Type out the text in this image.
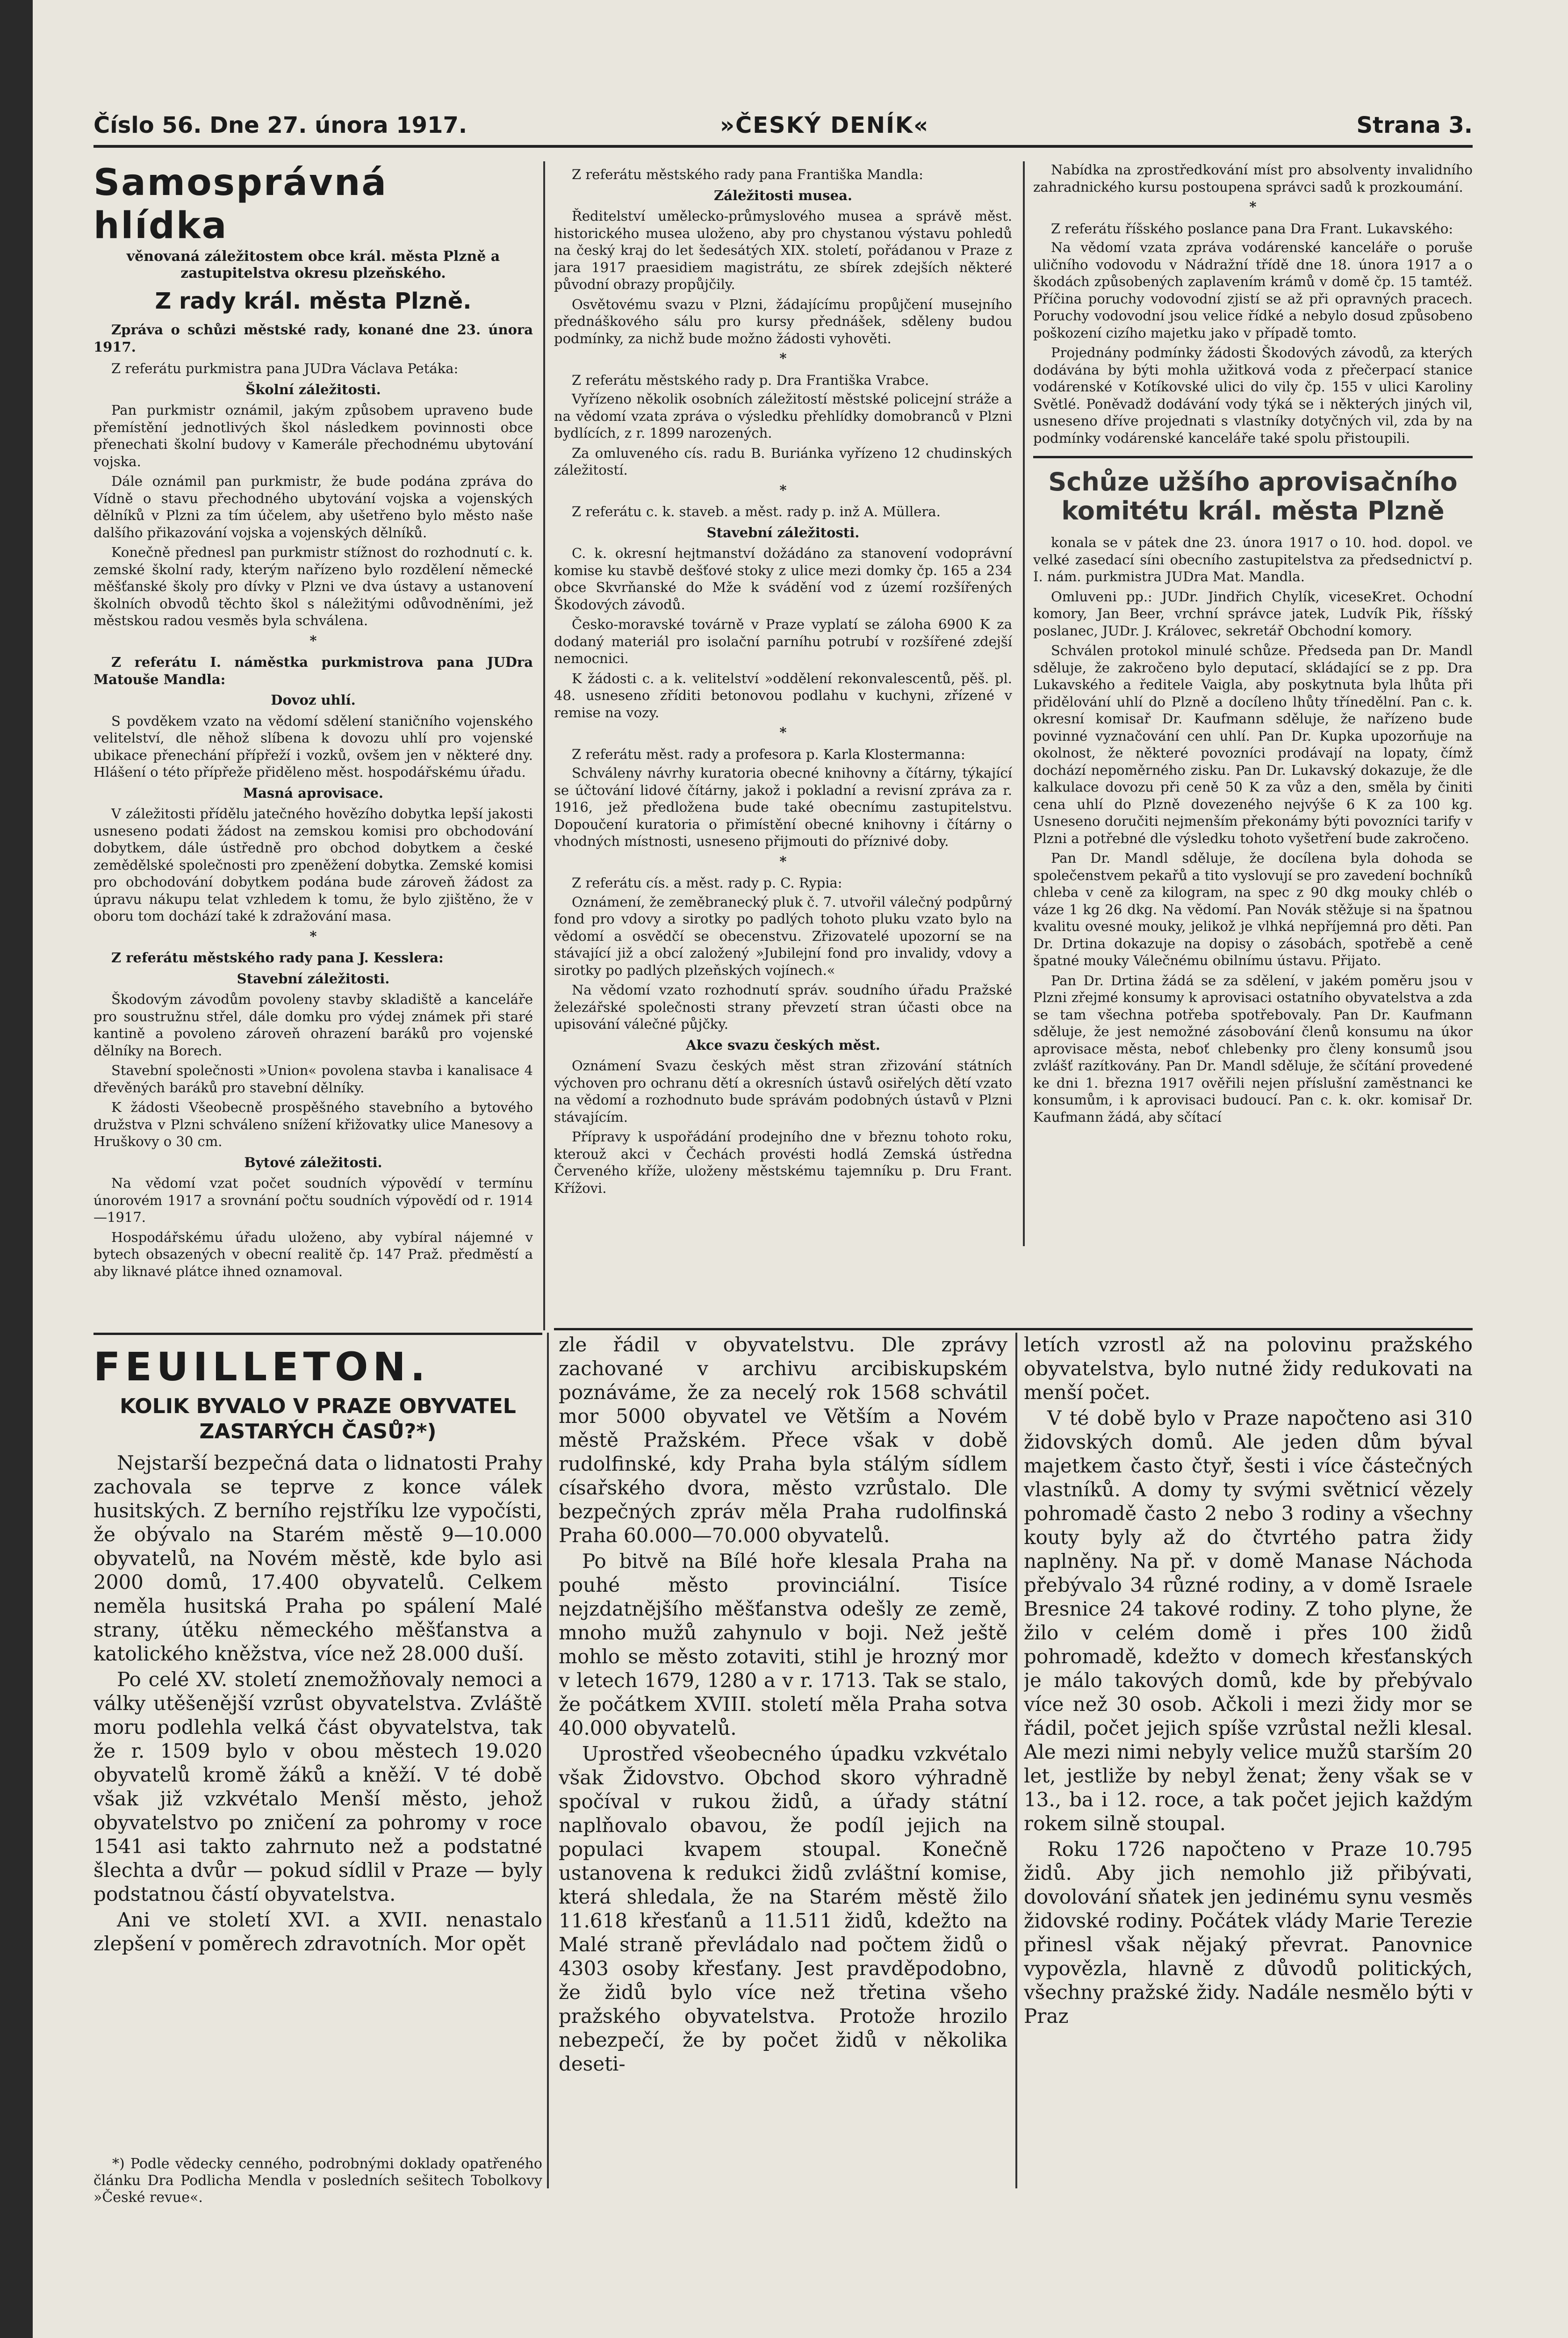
Číslo 56. Dne 27. února 1917.	»ČESKÝ DENÍK«	Strana 3.
Samosprávná hlídka
věnovaná záležitostem obce král. města Plzně a zastupitelstva okresu plzeňského.
Z rady král. města Plzně.
Zpráva o schůzi městské rady, konané dne 23. února 1917.
Z referátu purkmistra pana JUDra Václava Petáka:
Školní záležitosti.

Pan purkmistr oznámil, jakým způsobem upraveno bude přemístění jednotlivých škol následkem povinnosti obce přenechati školní budovy v Kamerále přechodnému ubytování vojska.

Dále oznámil pan purkmistr, že bude podána zpráva do Vídně o stavu přechodného ubytování vojska a vojenských dělníků v Plzni za tím účelem, aby ušetřeno bylo město naše dalšího přikazování vojska a vojenských dělníků.

Konečně přednesl pan purkmistr stížnost do rozhodnutí c. k. zemské školní rady, kterým nařízeno bylo rozdělení německé měšťanské školy pro dívky v Plzni ve dva ústavy a ustanovení školních obvodů těchto škol s náležitými odůvodněními, jež městskou radou vesměs byla schválena.

*
Z referátu I. náměstka purkmistrova pana JUDra Matouše Mandla:
Dovoz uhlí.

S povděkem vzato na vědomí sdělení staničního vojenského velitelství, dle něhož slíbena k dovozu uhlí pro vojenské ubikace přenechání přípřeží i vozků, ovšem jen v některé dny. Hlášení o této přípřeže přiděleno měst. hospodářskému úřadu.

Masná aprovisace.

V záležitosti přídělu jatečného hovězího dobytka lepší jakosti usneseno podati žádost na zemskou komisi pro obchodování dobytkem, dále ústředně pro obchod dobytkem a české zemědělské společnosti pro zpeněžení dobytka. Zemské komisi pro obchodování dobytkem podána bude zároveň žádost za úpravu nákupu telat vzhledem k tomu, že bylo zjištěno, že v oboru tom dochází také k zdražování masa.

*
Z referátu městského rady pana J. Kesslera:
Stavební záležitosti.

Škodovým závodům povoleny stavby skladiště a kanceláře pro soustružnu střel, dále domku pro výdej známek při staré kantině a povoleno zároveň ohrazení baráků pro vojenské dělníky na Borech.

Stavební společnosti »Union« povolena stavba i kanalisace 4 dřevěných baráků pro stavební dělníky.

K žádosti Všeobecně prospěšného stavebního a bytového družstva v Plzni schváleno snížení křižovatky ulice Manesovy a Hruškovy o 30 cm.

Bytové záležitosti.

Na vědomí vzat počet soudních výpovědí v termínu únorovém 1917 a srovnání počtu soudních výpovědí od r. 1914—1917.

Hospodářskému úřadu uloženo, aby vybíral nájemné v bytech obsazených v obecní realitě čp. 147 Praž. předměstí a aby liknavé plátce ihned oznamoval.

Z referátu městského rady pana Františka Mandla:
Záležitosti musea.

Ředitelství umělecko-průmyslového musea a správě měst. historického musea uloženo, aby pro chystanou výstavu pohledů na český kraj do let šedesátých XIX. století, pořádanou v Praze z jara 1917 praesidiem magistrátu, ze sbírek zdejších některé původní obrazy propůjčily.

Osvětovému svazu v Plzni, žádajícímu propůjčení musejního přednáškového sálu pro kursy přednášek, sděleny budou podmínky, za nichž bude možno žádosti vyhověti.

*
Z referátu městského rady p. Dra Františka Vrabce.

Vyřízeno několik osobních záležitostí městské policejní stráže a na vědomí vzata zpráva o výsledku přehlídky domobranců v Plzni bydlících, z r. 1899 narozených.

Za omluveného cís. radu B. Buriánka vyřízeno 12 chudinských záležitostí.

*
Z referátu c. k. staveb. a měst. rady p. inž A. Müllera.
Stavební záležitosti.

C. k. okresní hejtmanství dožádáno za stanovení vodoprávní komise ku stavbě dešťové stoky z ulice mezi domky čp. 165 a 234 obce Skvrňanské do Mže k svádění vod z území rozšířených Škodových závodů.

Česko-moravské továrně v Praze vyplatí se záloha 6900 K za dodaný materiál pro isolační parníhu potrubí v rozšířené zdejší nemocnici.

K žádosti c. a k. velitelství »oddělení rekonvalescentů, pěš. pl. 48. usneseno zříditi betonovou podlahu v kuchyni, zřízené v remise na vozy.

*
Z referátu měst. rady a profesora p. Karla Klostermanna:

Schváleny návrhy kuratoria obecné knihovny a čítárny, týkající se účtování lidové čítárny, jakož i pokladní a revisní zpráva za r. 1916, jež předložena bude také obecnímu zastupitelstvu. Dopoučení kuratoria o přimístění obecné knihovny i čítárny o vhodných místnosti, usneseno přijmouti do příznivé doby.

*
Z referátu cís. a měst. rady p. C. Rypia:

Oznámení, že zeměbranecký pluk č. 7. utvořil válečný podpůrný fond pro vdovy a sirotky po padlých tohoto pluku vzato bylo na vědomí a osvědčí se obecenstvu. Zřizovatelé upozorní se na stávající již a obcí založený »Jubilejní fond pro invalidy, vdovy a sirotky po padlých plzeňských vojínech.«

Na vědomí vzato rozhodnutí správ. soudního úřadu Pražské železářské společnosti strany převzetí stran účasti obce na upisování válečné půjčky.

Akce svazu českých měst.

Oznámení Svazu českých měst stran zřizování státních výchoven pro ochranu dětí a okresních ústavů osiřelých dětí vzato na vědomí a rozhodnuto bude správám podobných ústavů v Plzni stávajícím.

Přípravy k uspořádání prodejního dne v březnu tohoto roku, kterouž akci v Čechách provésti hodlá Zemská ústředna Červeného kříže, uloženy městskému tajemníku p. Dru Frant. Křížovi.

Nabídka na zprostředkování míst pro absolventy invalidního zahradnického kursu postoupena správci sadů k prozkoumání.

*
Z referátu říšského poslance pana Dra Frant. Lukavského:

Na vědomí vzata zpráva vodárenské kanceláře o poruše uličního vodovodu v Nádražní třídě dne 18. února 1917 a o škodách způsobených zaplavením krámů v domě čp. 15 tamtéž. Příčina poruchy vodovodní zjistí se až při opravných pracech. Poruchy vodovodní jsou velice řídké a nebylo dosud způsobeno poškození cizího majetku jako v případě tomto.

Projednány podmínky žádosti Škodových závodů, za kterých dodávána by býti mohla užitková voda z přečerpací stanice vodárenské v Kotíkovské ulici do vily čp. 155 v ulici Karoliny Světlé. Poněvadž dodávání vody týká se i některých jiných vil, usneseno dříve projednati s vlastníky dotyčných vil, zda by na podmínky vodárenské kanceláře také spolu přistoupili.

Schůze užšího aprovisačního komitétu král. města Plzně

konala se v pátek dne 23. února 1917 o 10. hod. dopol. ve velké zasedací síni obecního zastupitelstva za předsednictví p. I. nám. purkmistra JUDra Mat. Mandla.

Omluveni pp.: JUDr. Jindřich Chylík, viceseKret. Ochodní komory, Jan Beer, vrchní správce jatek, Ludvík Pik, říšský poslanec, JUDr. J. Královec, sekretář Obchodní komory.

Schválen protokol minulé schůze. Předseda pan Dr. Mandl sděluje, že zakročeno bylo deputací, skládající se z pp. Dra Lukavského a ředitele Vaigla, aby poskytnuta byla lhůta při přidělování uhlí do Plzně a docíleno lhůty třínedělní. Pan c. k. okresní komisař Dr. Kaufmann sděluje, že nařízeno bude povinné vyznačování cen uhlí. Pan Dr. Kupka upozorňuje na okolnost, že některé povozníci prodávají na lopaty, čímž dochází nepoměrného zisku. Pan Dr. Lukavský dokazuje, že dle kalkulace dovozu při ceně 50 K za vůz a den, směla by činiti cena uhlí do Plzně dovezeného nejvýše 6 K za 100 kg. Usneseno doručiti nejmenším překonámy býti povozníci tarify v Plzni a potřebné dle výsledku tohoto vyšetření bude zakročeno.

Pan Dr. Mandl sděluje, že docílena byla dohoda se společenstvem pekařů a tito vyslovují se pro zavedení bochníků chleba v ceně za kilogram, na spec z 90 dkg mouky chléb o váze 1 kg 26 dkg. Na vědomí. Pan Novák stěžuje si na špatnou kvalitu ovesné mouky, jelikož je vlhká nepříjemná pro děti. Pan Dr. Drtina dokazuje na dopisy o zásobách, spotřebě a ceně špatné mouky Válečnému obilnímu ústavu. Přijato.

Pan Dr. Drtina žádá se za sdělení, v jakém poměru jsou v Plzni zřejmé konsumy k aprovisaci ostatního obyvatelstva a zda se tam všechna potřeba spotřebovaly. Pan Dr. Kaufmann sděluje, že jest nemožné zásobování členů konsumu na úkor aprovisace města, neboť chlebenky pro členy konsumů jsou zvlášť razítkovány. Pan Dr. Mandl sděluje, že sčítání provedené ke dni 1. března 1917 ověřili nejen příslušní zaměstnanci ke konsumům, i k aprovisaci budoucí. Pan c. k. okr. komisař Dr. Kaufmann žádá, aby sčítací

FEUILLETON.
KOLIK BYVALO V PRAZE OBYVATEL ZASTARÝCH ČASŮ?*)

Nejstarší bezpečná data o lidnatosti Prahy zachovala se teprve z konce válek husitských. Z berního rejstříku lze vypočísti, že obývalo na Starém městě 9—10.000 obyvatelů, na Novém městě, kde bylo asi 2000 domů, 17.400 obyvatelů. Celkem neměla husitská Praha po spálení Malé strany, útěku německého měšťanstva a katolického kněžstva, více než 28.000 duší.

Po celé XV. století znemožňovaly nemoci a války utěšenější vzrůst obyvatelstva. Zvláště moru podlehla velká část obyvatelstva, tak že r. 1509 bylo v obou městech 19.020 obyvatelů kromě žáků a kněží. V té době však již vzkvétalo Menší město, jehož obyvatelstvo po zničení za pohromy v roce 1541 asi takto zahrnuto než a podstatné šlechta a dvůr — pokud sídlil v Praze — byly podstatnou částí obyvatelstva.

Ani ve století XVI. a XVII. nenastalo zlepšení v poměrech zdravotních. Mor opět

zle řádil v obyvatelstvu. Dle zprávy zachované v archivu arcibiskupském poznáváme, že za necelý rok 1568 schvátil mor 5000 obyvatel ve Větším a Novém městě Pražském. Přece však v době rudolfinské, kdy Praha byla stálým sídlem císařského dvora, město vzrůstalo. Dle bezpečných zpráv měla Praha rudolfinská Praha 60.000—70.000 obyvatelů.

Po bitvě na Bílé hoře klesala Praha na pouhé město provinciální. Tisíce nejzdatnějšího měšťanstva odešly ze země, mnoho mužů zahynulo v boji. Než ještě mohlo se město zotaviti, stihl je hrozný mor v letech 1679, 1280 a v r. 1713. Tak se stalo, že počátkem XVIII. století měla Praha sotva 40.000 obyvatelů.

Uprostřed všeobecného úpadku vzkvétalo však Židovstvo. Obchod skoro výhradně spočíval v rukou židů, a úřady státní naplňovalo obavou, že podíl jejich na populaci kvapem stoupal. Konečně ustanovena k redukci židů zvláštní komise, která shledala, že na Starém městě žilo 11.618 křesťanů a 11.511 židů, kdežto na Malé straně převládalo nad počtem židů o 4303 osoby křesťany. Jest pravděpodobno, že židů bylo více než třetina všeho pražského obyvatelstva. Protože hrozilo nebezpečí, že by počet židů v několika deseti-

letích vzrostl až na polovinu pražského obyvatelstva, bylo nutné židy redukovati na menší počet.

V té době bylo v Praze napočteno asi 310 židovských domů. Ale jeden dům býval majetkem často čtyř, šesti i více částečných vlastníků. A domy ty svými světnicí vězely pohromadě často 2 nebo 3 rodiny a všechny kouty byly až do čtvrtého patra židy naplněny. Na př. v domě Manase Náchoda přebývalo 34 různé rodiny, a v domě Israele Bresnice 24 takové rodiny. Z toho plyne, že žilo v celém domě i přes 100 židů pohromadě, kdežto v domech křesťanských je málo takových domů, kde by přebývalo více než 30 osob. Ačkoli i mezi židy mor se řádil, počet jejich spíše vzrůstal nežli klesal. Ale mezi nimi nebyly velice mužů starším 20 let, jestliže by nebyl ženat; ženy však se v 13., ba i 12. roce, a tak počet jejich každým rokem silně stoupal.

Roku 1726 napočteno v Praze 10.795 židů. Aby jich nemohlo již přibývati, dovolování sňatek jen jedinému synu vesměs židovské rodiny. Počátek vlády Marie Terezie přinesl však nějaký převrat. Panovnice vypovězla, hlavně z důvodů politických, všechny pražské židy. Nadále nesmělo býti v Praz

*) Podle vědecky cenného, podrobnými doklady opatřeného článku Dra Podlicha Mendla v posledních sešitech Tobolkovy »České revue«.
